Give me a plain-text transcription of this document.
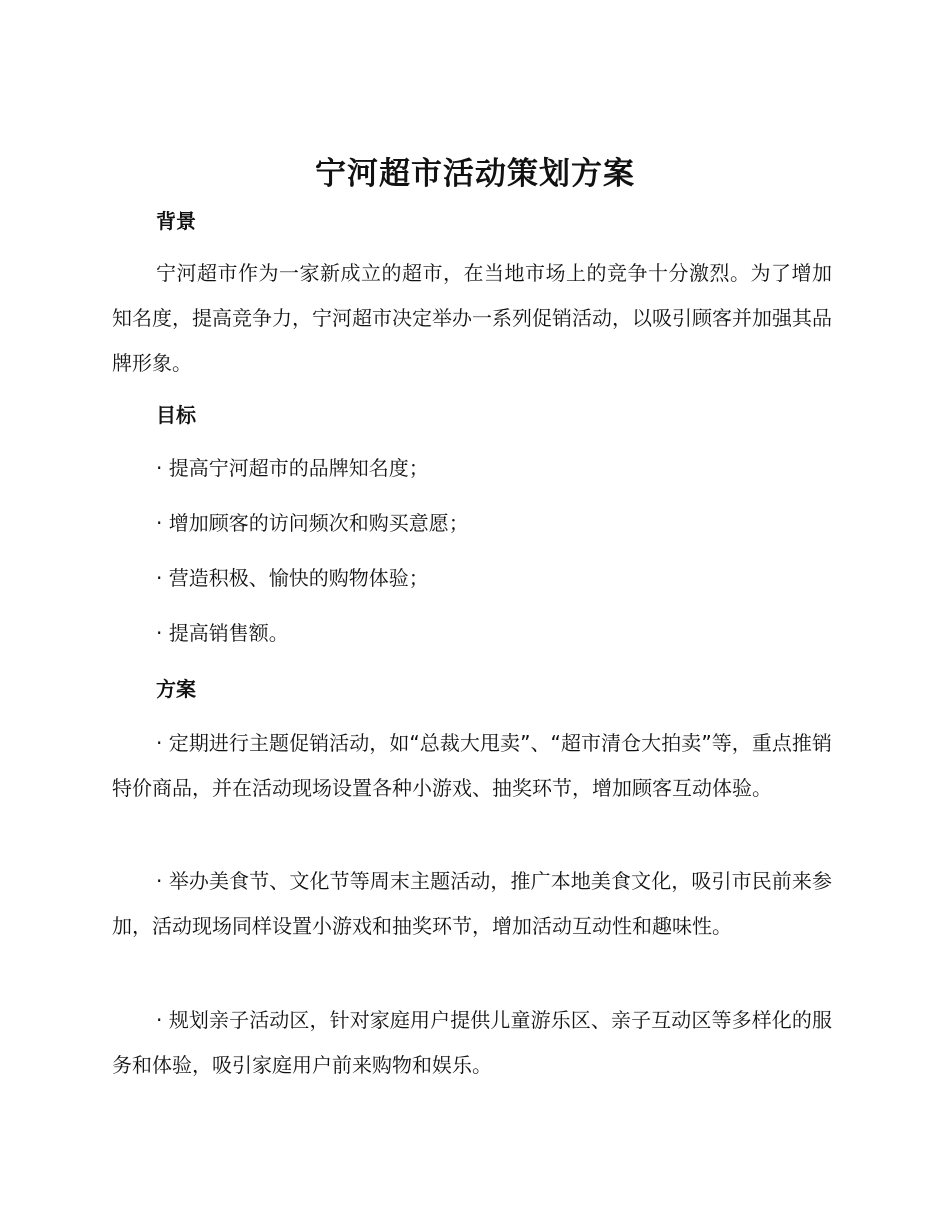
宁河超市活动策划方案
背景

宁河超市作为一家新成立的超市，在当地市场上的竞争十分激烈。为了增加知名度，提高竞争力，宁河超市决定举办一系列促销活动，以吸引顾客并加强其品牌形象。

目标

· 提高宁河超市的品牌知名度；

· 增加顾客的访问频次和购买意愿；

· 营造积极、愉快的购物体验；

· 提高销售额。

方案

· 定期进行主题促销活动，如“总裁大甩卖”、“超市清仓大拍卖”等，重点推销特价商品，并在活动现场设置各种小游戏、抽奖环节，增加顾客互动体验。

· 举办美食节、文化节等周末主题活动，推广本地美食文化，吸引市民前来参加，活动现场同样设置小游戏和抽奖环节，增加活动互动性和趣味性。

· 规划亲子活动区，针对家庭用户提供儿童游乐区、亲子互动区等多样化的服务和体验，吸引家庭用户前来购物和娱乐。
